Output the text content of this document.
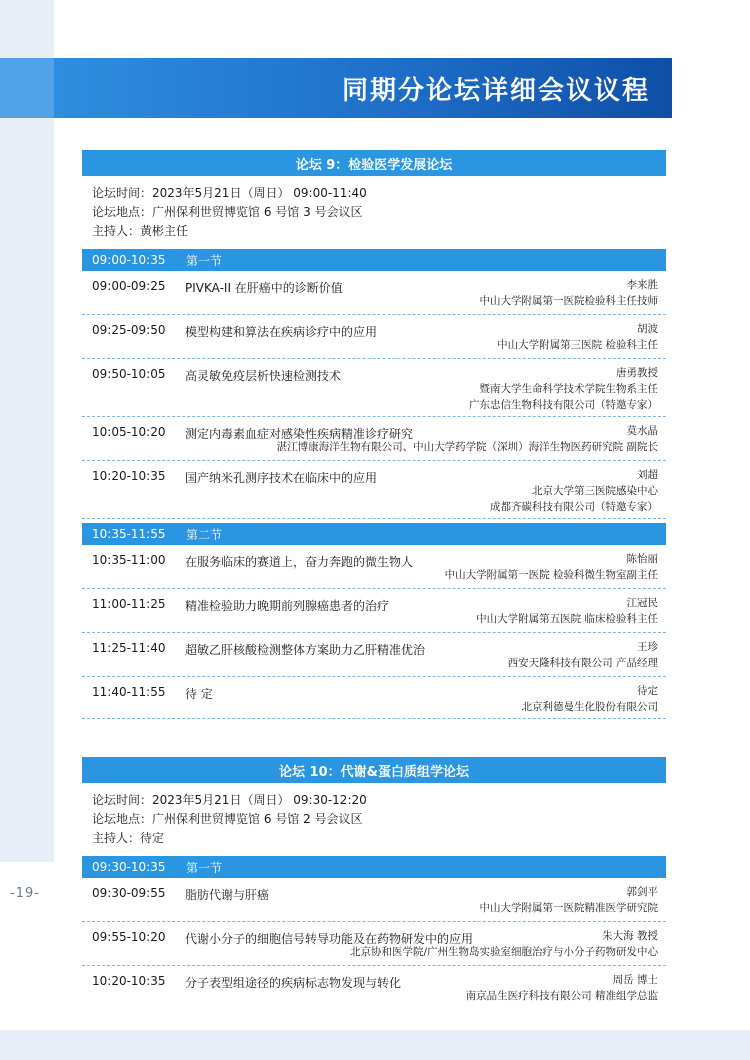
-19-
同期分论坛详细会议议程
论坛 9：检验医学发展论坛
论坛时间：2023年5月21日（周日） 09:00-11:40
论坛地点：广州保利世贸博览馆 6 号馆 3 号会议区
主持人：黄彬主任
09:00-10:35	第一节
09:00-09:25 PIVKA-II 在肝癌中的诊断价值	李来胜
中山大学附属第一医院检验科主任技师
09:25-09:50 模型构建和算法在疾病诊疗中的应用	胡波
中山大学附属第三医院 检验科主任
09:50-10:05 高灵敏免疫层析快速检测技术	唐勇教授
暨南大学生命科学技术学院生物系主任
广东忠信生物科技有限公司（特邀专家）
10:05-10:20 测定内毒素血症对感染性疾病精准诊疗研究	莫水晶
湛江博康海洋生物有限公司、中山大学药学院（深圳）海洋生物医药研究院 副院长
10:20-10:35 国产纳米孔测序技术在临床中的应用	刘超
北京大学第三医院感染中心
成都齐碳科技有限公司（特邀专家）
10:35-11:55	第二节
10:35-11:00 在服务临床的赛道上，奋力奔跑的微生物人	陈怡丽
中山大学附属第一医院 检验科微生物室副主任
11:00-11:25 精准检验助力晚期前列腺癌患者的治疗	江冠民
中山大学附属第五医院 临床检验科主任
11:25-11:40 超敏乙肝核酸检测整体方案助力乙肝精准优治	王珍
西安天隆科技有限公司 产品经理
11:40-11:55 待 定	待定
北京利德曼生化股份有限公司
论坛 10：代谢&蛋白质组学论坛
论坛时间：2023年5月21日（周日） 09:30-12:20
论坛地点：广州保利世贸博览馆 6 号馆 2 号会议区
主持人：待定
09:30-10:35	第一节
09:30-09:55 脂肪代谢与肝癌	郭剑平
中山大学附属第一医院精准医学研究院
09:55-10:20 代谢小分子的细胞信号转导功能及在药物研发中的应用	朱大海 教授
北京协和医学院/广州生物岛实验室细胞治疗与小分子药物研发中心
10:20-10:35 分子表型组途径的疾病标志物发现与转化	周岳 博士
南京品生医疗科技有限公司 精准组学总监
